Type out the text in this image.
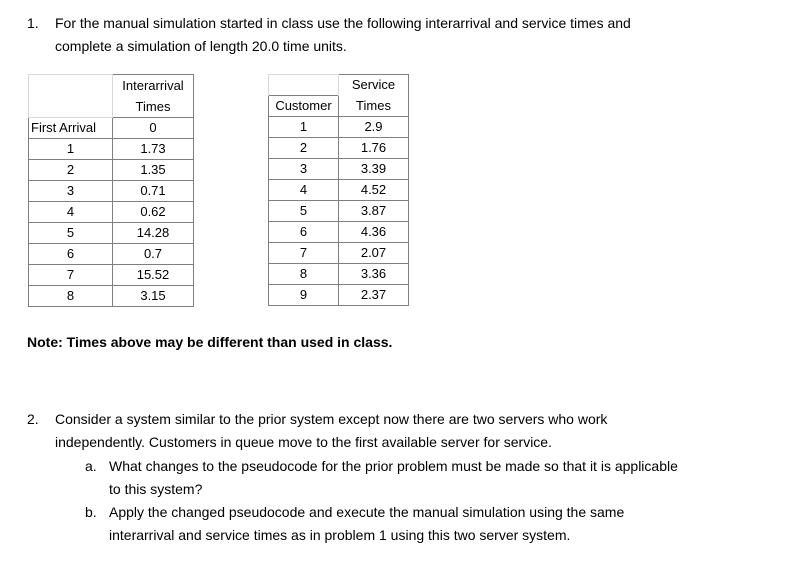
1. For the manual simulation started in class use the following interarrival and service times and
complete a simulation of length 20.0 time units.
	Interarrival
	Times
First Arrival	0
1	1.73
2	1.35
3	0.71
4	0.62
5	14.28
6	0.7
7	15.52
8	3.15
	Service
Customer	Times
1	2.9
2	1.76
3	3.39
4	4.52
5	3.87
6	4.36
7	2.07
8	3.36
9	2.37
Note: Times above may be different than used in class.
2. Consider a system similar to the prior system except now there are two servers who work
independently. Customers in queue move to the first available server for service.
a. What changes to the pseudocode for the prior problem must be made so that it is applicable
to this system?
b. Apply the changed pseudocode and execute the manual simulation using the same
interarrival and service times as in problem 1 using this two server system.
